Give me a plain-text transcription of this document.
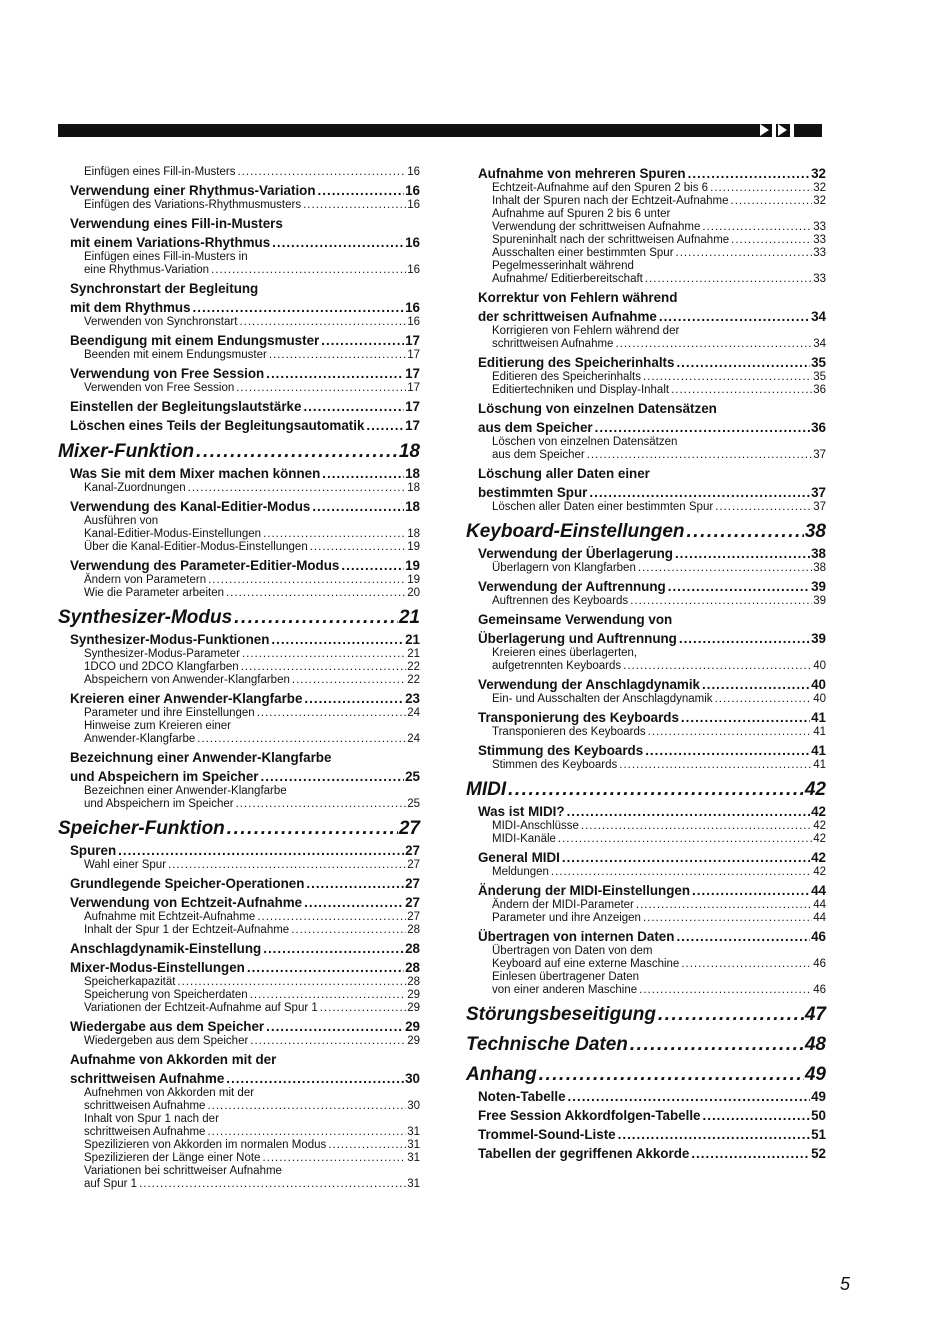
Einfügen eines Fill-in-Musters .....	16
Verwendung einer Rhythmus-Variation .....	16
Einfügen des Variations-Rhythmusmusters .....	16
Verwendung eines Fill-in-Musters
mit einem Variations-Rhythmus .....	16
Einfügen eines Fill-in-Musters in
eine Rhythmus-Variation .....	16
Synchronstart der Begleitung
mit dem Rhythmus .....	16
Verwenden von Synchronstart .....	16
Beendigung mit einem Endungsmuster .....	17
Beenden mit einem Endungsmuster .....	17
Verwendung von Free Session .....	17
Verwenden von Free Session .....	17
Einstellen der Begleitungslautstärke .....	17
Löschen eines Teils der Begleitungsautomatik .....	17
Mixer-Funktion .....	18
Was Sie mit dem Mixer machen können .....	18
Kanal-Zuordnungen .....	18
Verwendung des Kanal-Editier-Modus .....	18
Ausführen von
Kanal-Editier-Modus-Einstellungen .....	18
Über die Kanal-Editier-Modus-Einstellungen .....	19
Verwendung des Parameter-Editier-Modus .....	19
Ändern von Parametern .....	19
Wie die Parameter arbeiten .....	20
Synthesizer-Modus .....	21
Synthesizer-Modus-Funktionen .....	21
Synthesizer-Modus-Parameter .....	21
1DCO und 2DCO Klangfarben .....	22
Abspeichern von Anwender-Klangfarben .....	22
Kreieren einer Anwender-Klangfarbe .....	23
Parameter und ihre Einstellungen .....	24
Hinweise zum Kreieren einer
Anwender-Klangfarbe .....	24
Bezeichnung einer Anwender-Klangfarbe
und Abspeichern im Speicher .....	25
Bezeichnen einer Anwender-Klangfarbe
und Abspeichern im Speicher .....	25
Speicher-Funktion .....	27
Spuren .....	27
Wahl einer Spur .....	27
Grundlegende Speicher-Operationen .....	27
Verwendung von Echtzeit-Aufnahme .....	27
Aufnahme mit Echtzeit-Aufnahme .....	27
Inhalt der Spur 1 der Echtzeit-Aufnahme .....	28
Anschlagdynamik-Einstellung .....	28
Mixer-Modus-Einstellungen .....	28
Speicherkapazität .....	28
Speicherung von Speicherdaten .....	29
Variationen der Echtzeit-Aufnahme auf Spur 1 .....	29
Wiedergabe aus dem Speicher .....	29
Wiedergeben aus dem Speicher .....	29
Aufnahme von Akkorden mit der
schrittweisen Aufnahme .....	30
Aufnehmen von Akkorden mit der
schrittweisen Aufnahme .....	30
Inhalt von Spur 1 nach der
schrittweisen Aufnahme .....	31
Spezilizieren von Akkorden im normalen Modus .....	31
Spezilizieren der Länge einer Note .....	31
Variationen bei schrittweiser Aufnahme
auf Spur 1 .....	31
Aufnahme von mehreren Spuren .....	32
Echtzeit-Aufnahme auf den Spuren 2 bis 6 .....	32
Inhalt der Spuren nach der Echtzeit-Aufnahme .....	32
Aufnahme auf Spuren 2 bis 6 unter
Verwendung der schrittweisen Aufnahme .....	33
Spureninhalt nach der schrittweisen Aufnahme .....	33
Ausschalten einer bestimmten Spur .....	33
Pegelmesserinhalt während
Aufnahme/ Editierbereitschaft .....	33
Korrektur von Fehlern während
der schrittweisen Aufnahme .....	34
Korrigieren von Fehlern während der
schrittweisen Aufnahme .....	34
Editierung des Speicherinhalts .....	35
Editieren des Speicherinhalts .....	35
Editiertechniken und Display-Inhalt .....	36
Löschung von einzelnen Datensätzen
aus dem Speicher .....	36
Löschen von einzelnen Datensätzen
aus dem Speicher .....	37
Löschung aller Daten einer
bestimmten Spur .....	37
Löschen aller Daten einer bestimmten Spur .....	37
Keyboard-Einstellungen .....	38
Verwendung der Überlagerung .....	38
Überlagern von Klangfarben .....	38
Verwendung der Auftrennung .....	39
Auftrennen des Keyboards .....	39
Gemeinsame Verwendung von
Überlagerung und Auftrennung .....	39
Kreieren eines überlagerten,
aufgetrennten Keyboards .....	40
Verwendung der Anschlagdynamik .....	40
Ein- und Ausschalten der Anschlagdynamik .....	40
Transponierung des Keyboards .....	41
Transponieren des Keyboards .....	41
Stimmung des Keyboards .....	41
Stimmen des Keyboards .....	41
MIDI .....	42
Was ist MIDI? .....	42
MIDI-Anschlüsse .....	42
MIDI-Kanäle .....	42
General MIDI .....	42
Meldungen .....	42
Änderung der MIDI-Einstellungen .....	44
Ändern der MIDI-Parameter .....	44
Parameter und ihre Anzeigen .....	44
Übertragen von internen Daten .....	46
Übertragen von Daten von dem
Keyboard auf eine externe Maschine .....	46
Einlesen übertragener Daten
von einer anderen Maschine .....	46
Störungsbeseitigung .....	47
Technische Daten .....	48
Anhang .....	49
Noten-Tabelle .....	49
Free Session Akkordfolgen-Tabelle .....	50
Trommel-Sound-Liste .....	51
Tabellen der gegriffenen Akkorde .....	52
5
